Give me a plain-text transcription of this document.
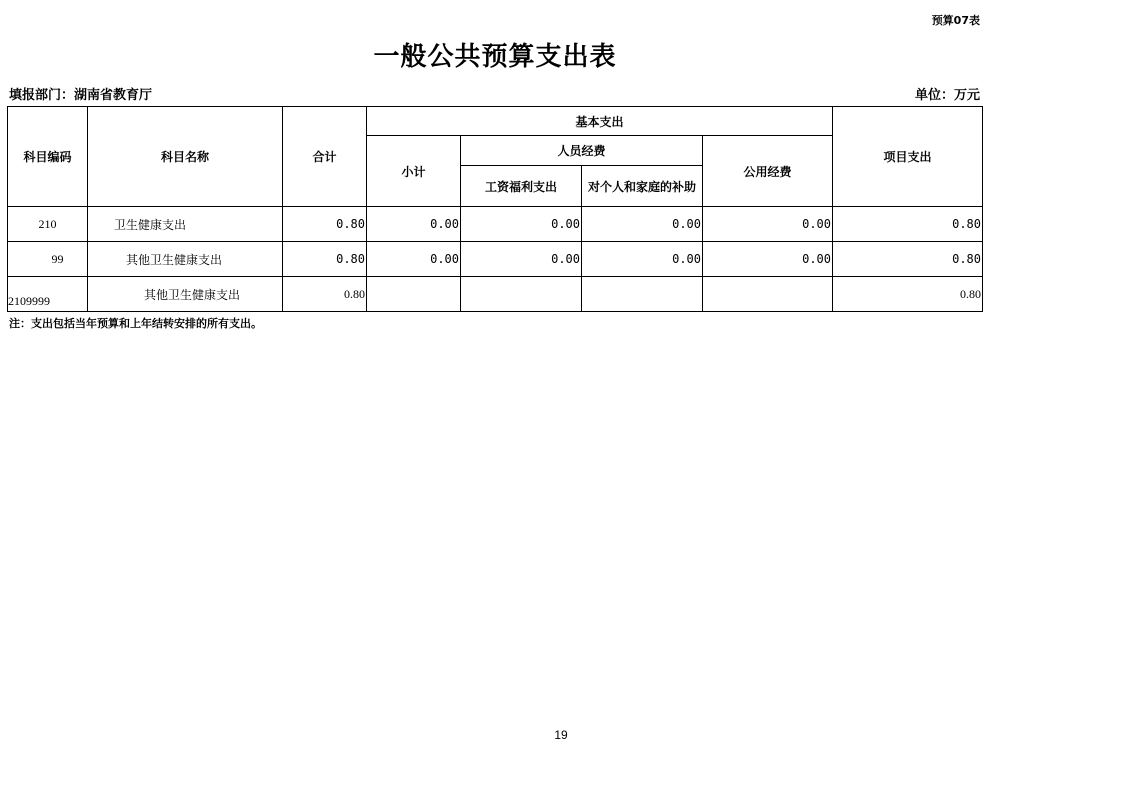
预算07表
一般公共预算支出表
填报部门：湖南省教育厅	单位：万元
科目编码	科目名称	合计	基本支出				项目支出
			小计	人员经费		公用经费	
				工资福利支出	对个人和家庭的补助		
210	卫生健康支出	0.80	0.00	0.00	0.00	0.00	0.80
99	其他卫生健康支出	0.80	0.00	0.00	0.00	0.00	0.80
2109999	其他卫生健康支出	0.80					0.80
注：支出包括当年预算和上年结转安排的所有支出。
19
